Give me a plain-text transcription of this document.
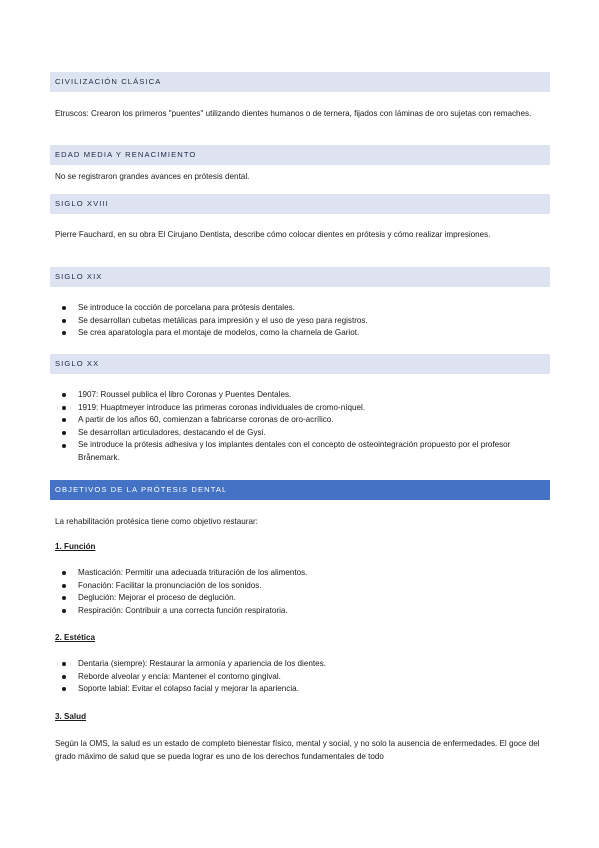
CIVILIZACIÓN CLÁSICA

Etruscos: Crearon los primeros "puentes" utilizando dientes humanos o de ternera, fijados con láminas de oro sujetas con remaches.

EDAD MEDIA Y RENACIMIENTO

No se registraron grandes avances en prótesis dental.

SIGLO XVIII

Pierre Fauchard, en su obra El Cirujano Dentista, describe cómo colocar dientes en prótesis y cómo realizar impresiones.

SIGLO XIX
Se introduce la cocción de porcelana para prótesis dentales.
Se desarrollan cubetas metálicas para impresión y el uso de yeso para registros.
Se crea aparatología para el montaje de modelos, como la charnela de Gariot.
SIGLO XX
1907: Roussel publica el libro Coronas y Puentes Dentales.
1919: Huaptmeyer introduce las primeras coronas individuales de cromo-níquel.
A partir de los años 60, comienzan a fabricarse coronas de oro-acrílico.
Se desarrollan articuladores, destacando el de Gysi.
Se introduce la prótesis adhesiva y los implantes dentales con el concepto de osteointegración propuesto por el profesor Brånemark.
OBJETIVOS DE LA PRÓTESIS DENTAL

La rehabilitación protésica tiene como objetivo restaurar:

1. Función

Masticación: Permitir una adecuada trituración de los alimentos.
Fonación: Facilitar la pronunciación de los sonidos.
Deglución: Mejorar el proceso de deglución.
Respiración: Contribuir a una correcta función respiratoria.

2. Estética

Dentaria (siempre): Restaurar la armonía y apariencia de los dientes.
Reborde alveolar y encía: Mantener el contorno gingival.
Soporte labial: Evitar el colapso facial y mejorar la apariencia.

3. Salud

Según la OMS, la salud es un estado de completo bienestar físico, mental y social, y no solo la ausencia de enfermedades. El goce del grado máximo de salud que se pueda lograr es uno de los derechos fundamentales de todo
